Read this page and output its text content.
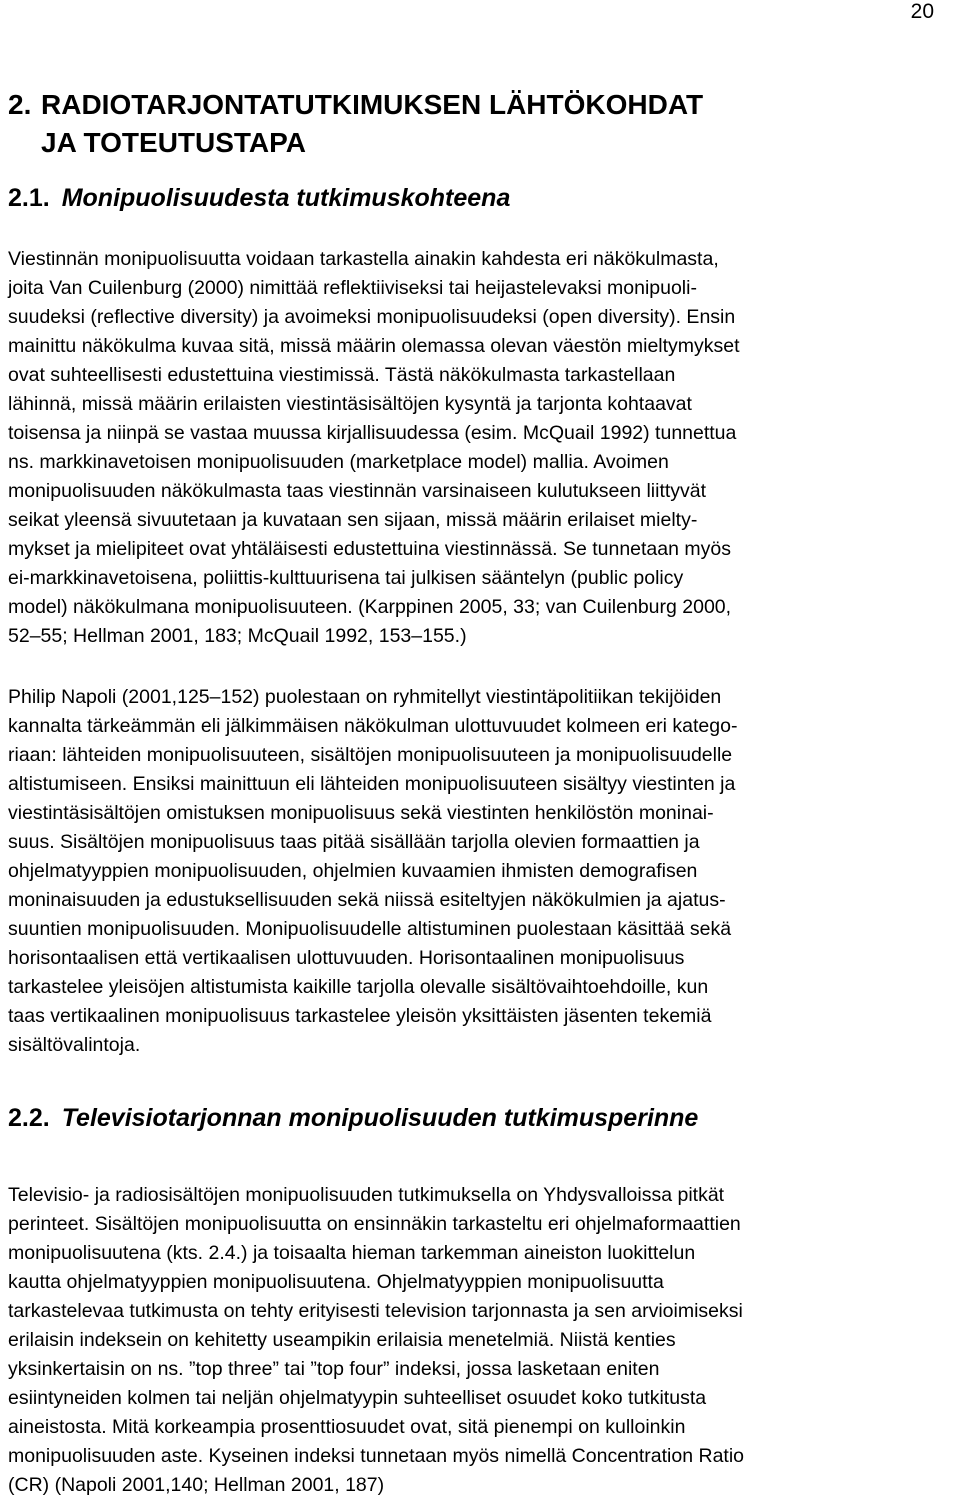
20
2. RADIOTARJONTATUTKIMUKSEN LÄHTÖKOHDAT
JA TOTEUTUSTAPA
2.1. Monipuolisuudesta tutkimuskohteena
Viestinnän monipuolisuutta voidaan tarkastella ainakin kahdesta eri näkökulmasta,
joita Van Cuilenburg (2000) nimittää reflektiiviseksi tai heijastelevaksi monipuoli-
suudeksi (reflective diversity) ja avoimeksi monipuolisuudeksi (open diversity). Ensin
mainittu näkökulma kuvaa sitä, missä määrin olemassa olevan väestön mieltymykset
ovat suhteellisesti edustettuina viestimissä. Tästä näkökulmasta tarkastellaan
lähinnä, missä määrin erilaisten viestintäsisältöjen kysyntä ja tarjonta kohtaavat
toisensa ja niinpä se vastaa muussa kirjallisuudessa (esim. McQuail 1992) tunnettua
ns. markkinavetoisen monipuolisuuden (marketplace model) mallia. Avoimen
monipuolisuuden näkökulmasta taas viestinnän varsinaiseen kulutukseen liittyvät
seikat yleensä sivuutetaan ja kuvataan sen sijaan, missä määrin erilaiset mielty-
mykset ja mielipiteet ovat yhtäläisesti edustettuina viestinnässä. Se tunnetaan myös
ei-markkinavetoisena, poliittis-kulttuurisena tai julkisen sääntelyn (public policy
model) näkökulmana monipuolisuuteen. (Karppinen 2005, 33; van Cuilenburg 2000,
52–55; Hellman 2001, 183; McQuail 1992, 153–155.)
Philip Napoli (2001,125–152) puolestaan on ryhmitellyt viestintäpolitiikan tekijöiden
kannalta tärkeämmän eli jälkimmäisen näkökulman ulottuvuudet kolmeen eri katego-
riaan: lähteiden monipuolisuuteen, sisältöjen monipuolisuuteen ja monipuolisuudelle
altistumiseen. Ensiksi mainittuun eli lähteiden monipuolisuuteen sisältyy viestinten ja
viestintäsisältöjen omistuksen monipuolisuus sekä viestinten henkilöstön moninai-
suus. Sisältöjen monipuolisuus taas pitää sisällään tarjolla olevien formaattien ja
ohjelmatyyppien monipuolisuuden, ohjelmien kuvaamien ihmisten demografisen
moninaisuuden ja edustuksellisuuden sekä niissä esiteltyjen näkökulmien ja ajatus-
suuntien monipuolisuuden. Monipuolisuudelle altistuminen puolestaan käsittää sekä
horisontaalisen että vertikaalisen ulottuvuuden. Horisontaalinen monipuolisuus
tarkastelee yleisöjen altistumista kaikille tarjolla olevalle sisältövaihtoehdoille, kun
taas vertikaalinen monipuolisuus tarkastelee yleisön yksittäisten jäsenten tekemiä
sisältövalintoja.
2.2. Televisiotarjonnan monipuolisuuden tutkimusperinne
Televisio- ja radiosisältöjen monipuolisuuden tutkimuksella on Yhdysvalloissa pitkät
perinteet. Sisältöjen monipuolisuutta on ensinnäkin tarkasteltu eri ohjelmaformaattien
monipuolisuutena (kts. 2.4.) ja toisaalta hieman tarkemman aineiston luokittelun
kautta ohjelmatyyppien monipuolisuutena. Ohjelmatyyppien monipuolisuutta
tarkastelevaa tutkimusta on tehty erityisesti television tarjonnasta ja sen arvioimiseksi
erilaisin indeksein on kehitetty useampikin erilaisia menetelmiä. Niistä kenties
yksinkertaisin on ns. ”top three” tai ”top four” indeksi, jossa lasketaan eniten
esiintyneiden kolmen tai neljän ohjelmatyypin suhteelliset osuudet koko tutkitusta
aineistosta. Mitä korkeampia prosenttiosuudet ovat, sitä pienempi on kulloinkin
monipuolisuuden aste. Kyseinen indeksi tunnetaan myös nimellä Concentration Ratio
(CR) (Napoli 2001,140; Hellman 2001, 187)
